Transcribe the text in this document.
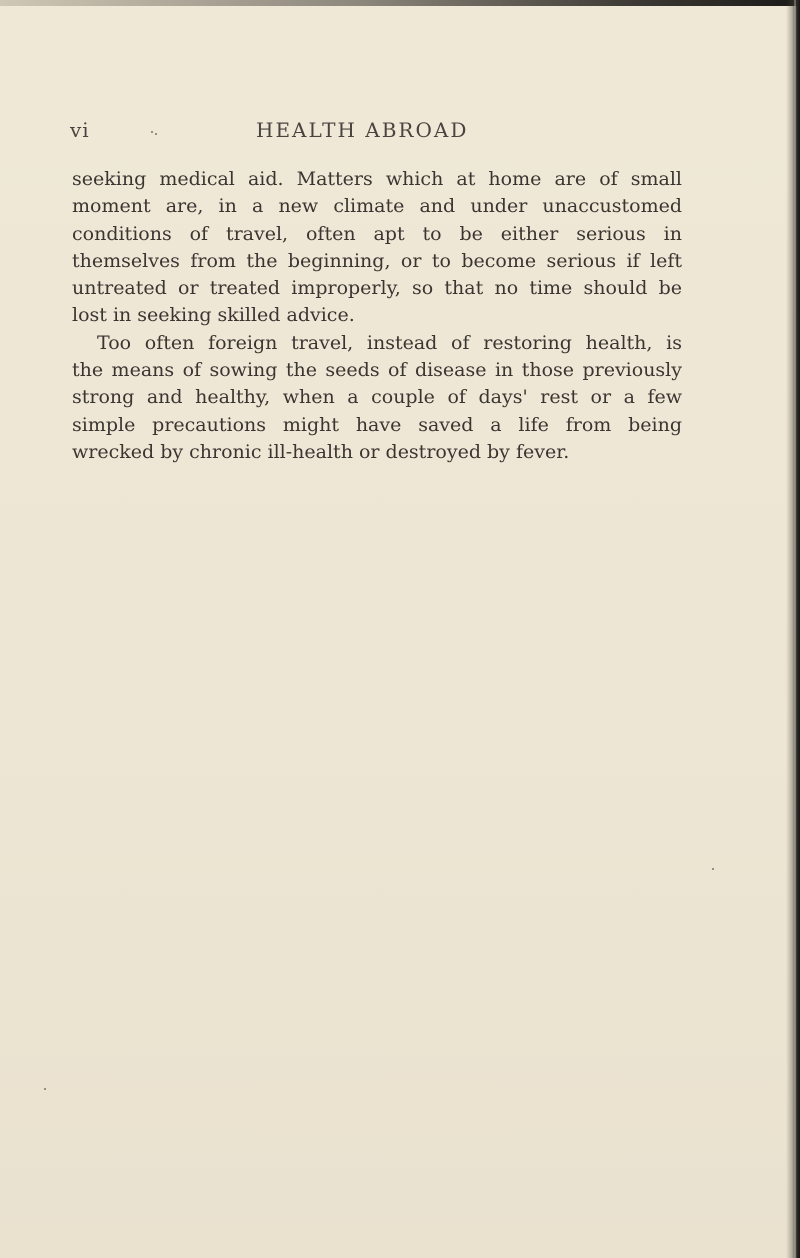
vi	HEALTH ABROAD
seeking medical aid. Matters which at home are of small
moment are, in a new climate and under unaccustomed
conditions of travel, often apt to be either serious in
themselves from the beginning, or to become serious if left
untreated or treated improperly, so that no time should be
lost in seeking skilled advice.
Too often foreign travel, instead of restoring health, is
the means of sowing the seeds of disease in those previously
strong and healthy, when a couple of days' rest or a few
simple precautions might have saved a life from being
wrecked by chronic ill-health or destroyed by fever.
